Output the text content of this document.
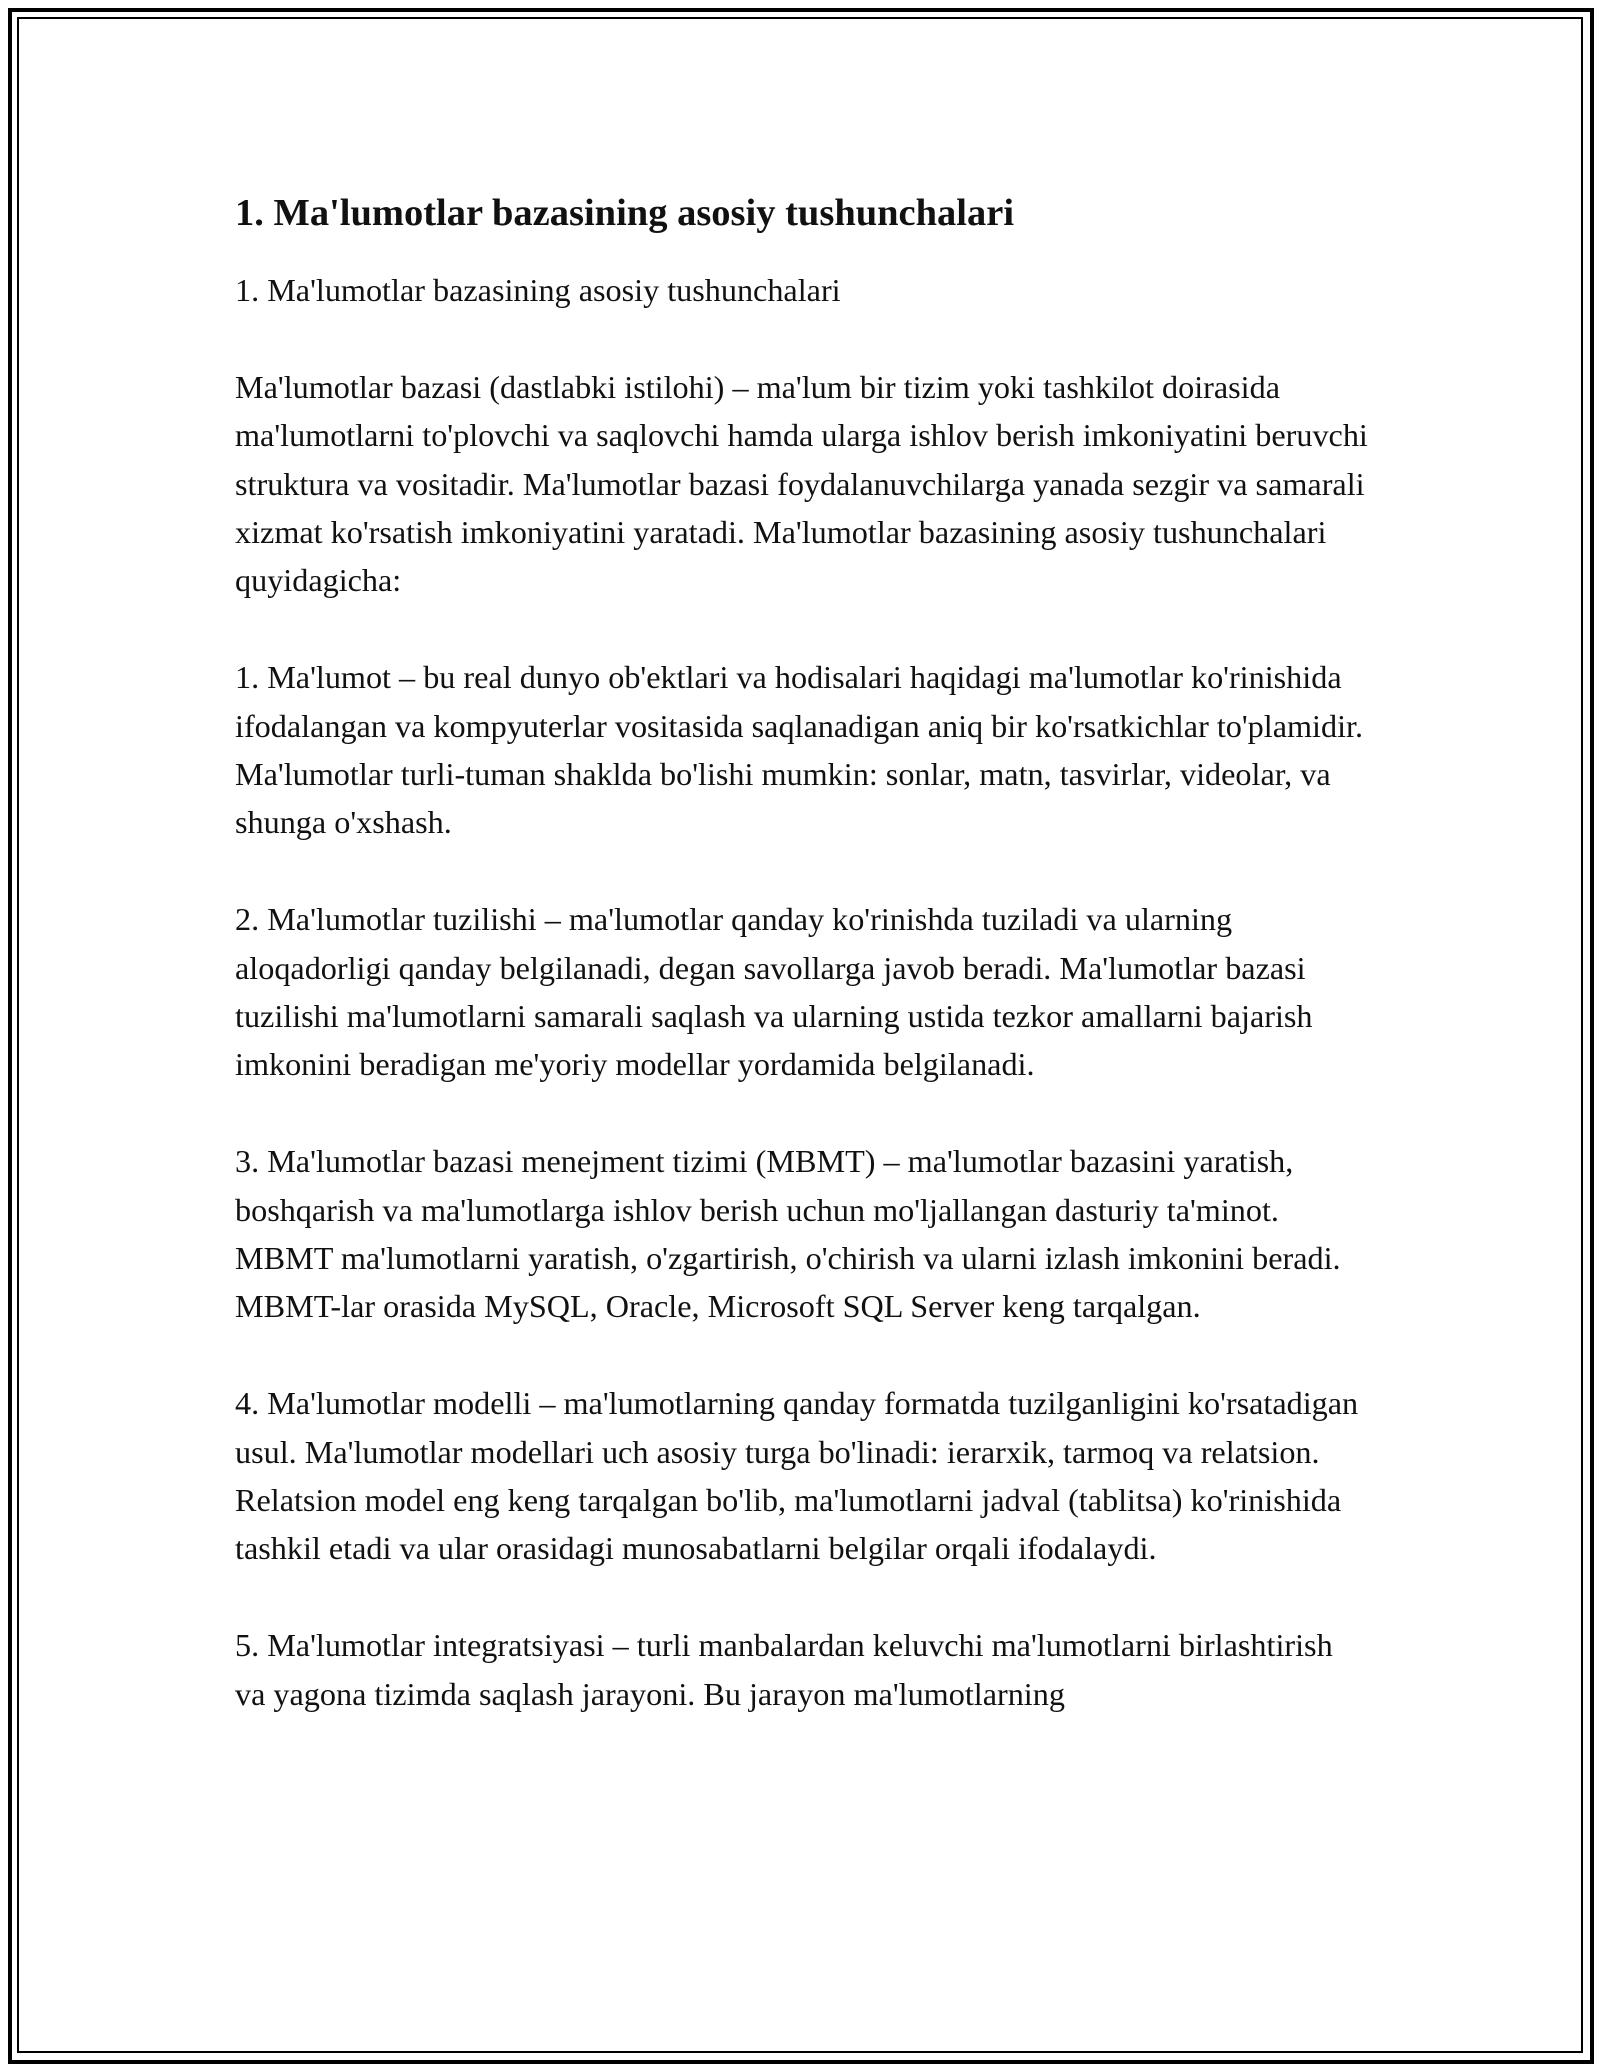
1. Ma'lumotlar bazasining asosiy tushunchalari

1. Ma'lumotlar bazasining asosiy tushunchalari

Ma'lumotlar bazasi (dastlabki istilohi) – ma'lum bir tizim yoki tashkilot doirasida ma'lumotlarni to'plovchi va saqlovchi hamda ularga ishlov berish imkoniyatini beruvchi struktura va vositadir. Ma'lumotlar bazasi foydalanuvchilarga yanada sezgir va samarali xizmat ko'rsatish imkoniyatini yaratadi. Ma'lumotlar bazasining asosiy tushunchalari quyidagicha:

1. Ma'lumot – bu real dunyo ob'ektlari va hodisalari haqidagi ma'lumotlar ko'rinishida ifodalangan va kompyuterlar vositasida saqlanadigan aniq bir ko'rsatkichlar to'plamidir. Ma'lumotlar turli-tuman shaklda bo'lishi mumkin: sonlar, matn, tasvirlar, videolar, va shunga o'xshash.

2. Ma'lumotlar tuzilishi – ma'lumotlar qanday ko'rinishda tuziladi va ularning aloqadorligi qanday belgilanadi, degan savollarga javob beradi. Ma'lumotlar bazasi tuzilishi ma'lumotlarni samarali saqlash va ularning ustida tezkor amallarni bajarish imkonini beradigan me'yoriy modellar yordamida belgilanadi.

3. Ma'lumotlar bazasi menejment tizimi (MBMT) – ma'lumotlar bazasini yaratish, boshqarish va ma'lumotlarga ishlov berish uchun mo'ljallangan dasturiy ta'minot. MBMT ma'lumotlarni yaratish, o'zgartirish, o'chirish va ularni izlash imkonini beradi. MBMT-lar orasida MySQL, Oracle, Microsoft SQL Server keng tarqalgan.

4. Ma'lumotlar modelli – ma'lumotlarning qanday formatda tuzilganligini ko'rsatadigan usul. Ma'lumotlar modellari uch asosiy turga bo'linadi: ierarxik, tarmoq va relatsion. Relatsion model eng keng tarqalgan bo'lib, ma'lumotlarni jadval (tablitsa) ko'rinishida tashkil etadi va ular orasidagi munosabatlarni belgilar orqali ifodalaydi.

5. Ma'lumotlar integratsiyasi – turli manbalardan keluvchi ma'lumotlarni birlashtirish va yagona tizimda saqlash jarayoni. Bu jarayon ma'lumotlarning
